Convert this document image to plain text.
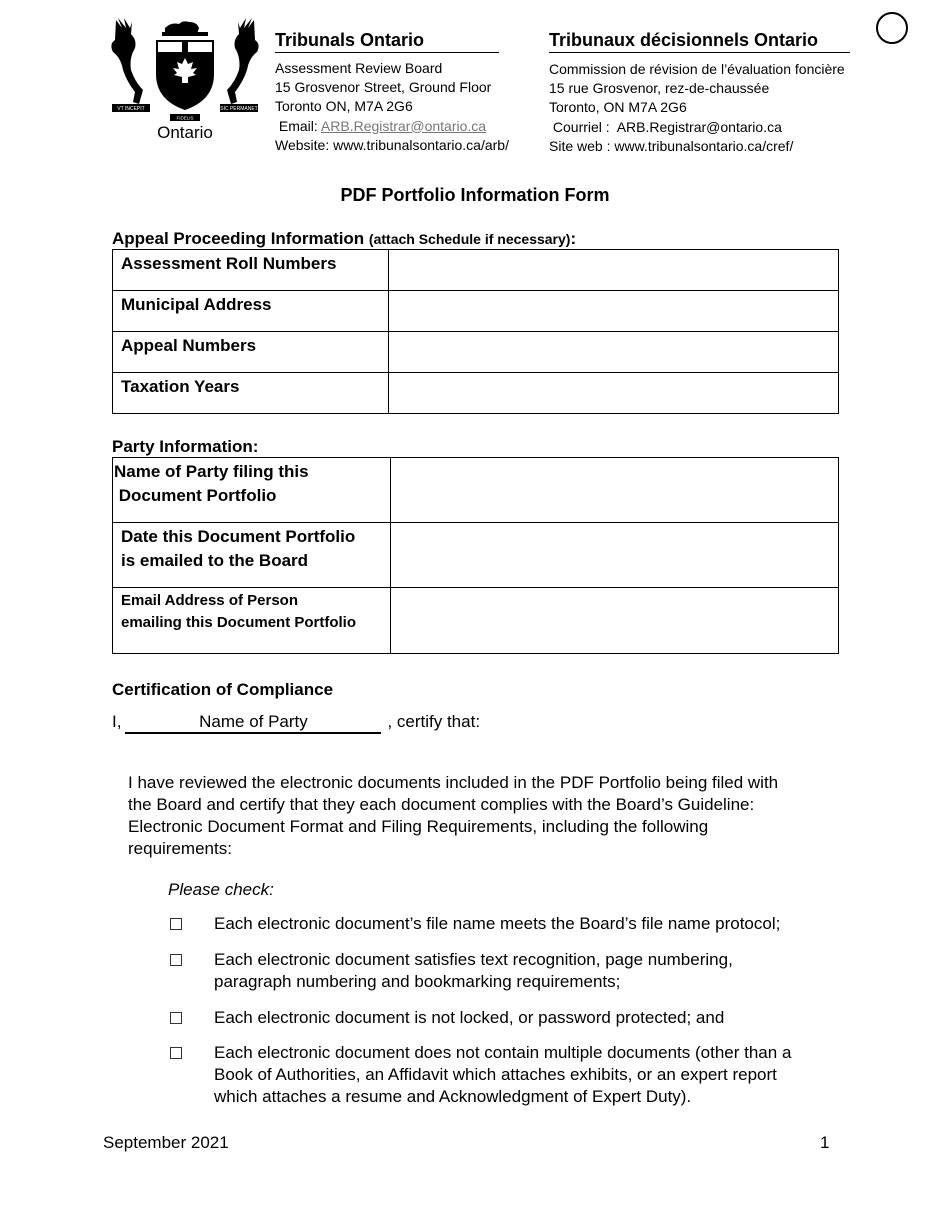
VT INCEPIT
FIDELIS
SIC PERMANET
Ontario
Tribunals Ontario
Assessment Review Board
15 Grosvenor Street, Ground Floor
Toronto ON, M7A 2G6
Email: ARB.Registrar@ontario.ca
Website: www.tribunalsontario.ca/arb/
Tribunaux décisionnels Ontario
Commission de révision de l’évaluation foncière
15 rue Grosvenor, rez-de-chaussée
Toronto, ON M7A 2G6
Courriel :  ARB.Registrar@ontario.ca
Site web : www.tribunalsontario.ca/cref/
PDF Portfolio Information Form
Appeal Proceeding Information (attach Schedule if necessary):
Assessment Roll Numbers	

Municipal Address	

Appeal Numbers	

Taxation Years	

Party Information:
Name of Party filing this
Document Portfolio	

Date this Document Portfolio
is emailed to the Board	

Email Address of Person
emailing this Document Portfolio	

Certification of Compliance
I,	Name of Party	, certify that:
I have reviewed the electronic documents included in the PDF Portfolio being filed with
the Board and certify that they each document complies with the Board’s Guideline:
Electronic Document Format and Filing Requirements, including the following
requirements:
Please check:
Each electronic document’s file name meets the Board’s file name protocol;
Each electronic document satisfies text recognition, page numbering,
paragraph numbering and bookmarking requirements;
Each electronic document is not locked, or password protected; and
Each electronic document does not contain multiple documents (other than a
Book of Authorities, an Affidavit which attaches exhibits, or an expert report
which attaches a resume and Acknowledgment of Expert Duty).
September 2021	1
